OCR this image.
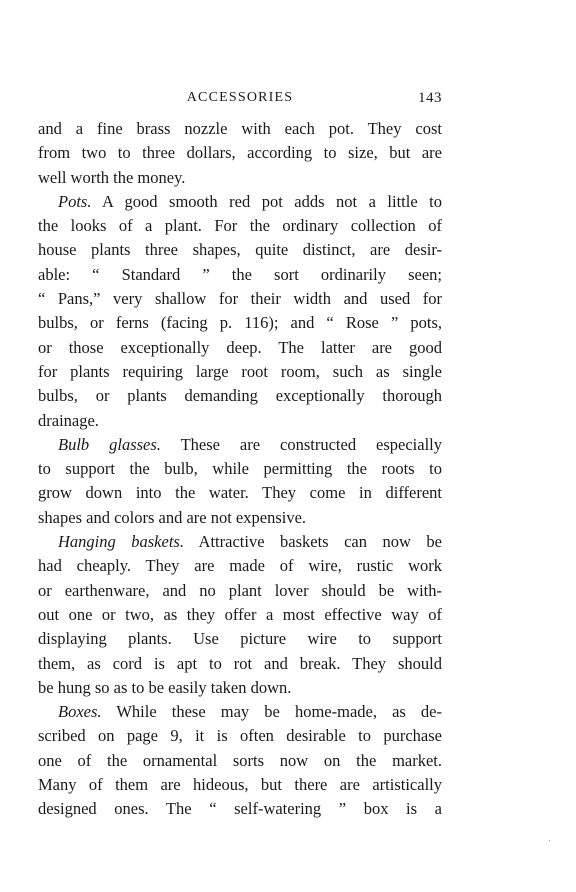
ACCESSORIES	143
and a fine brass nozzle with each pot. They cost
from two to three dollars, according to size, but are
well worth the money.
Pots. A good smooth red pot adds not a little to
the looks of a plant. For the ordinary collection of
house plants three shapes, quite distinct, are desir-
able: “ Standard ” the sort ordinarily seen;
“ Pans,” very shallow for their width and used for
bulbs, or ferns (facing p. 116); and “ Rose ” pots,
or those exceptionally deep. The latter are good
for plants requiring large root room, such as single
bulbs, or plants demanding exceptionally thorough
drainage.
Bulb glasses. These are constructed especially
to support the bulb, while permitting the roots to
grow down into the water. They come in different
shapes and colors and are not expensive.
Hanging baskets. Attractive baskets can now be
had cheaply. They are made of wire, rustic work
or earthenware, and no plant lover should be with-
out one or two, as they offer a most effective way of
displaying plants. Use picture wire to support
them, as cord is apt to rot and break. They should
be hung so as to be easily taken down.
Boxes. While these may be home-made, as de-
scribed on page 9, it is often desirable to purchase
one of the ornamental sorts now on the market.
Many of them are hideous, but there are artistically
designed ones. The “ self-watering ” box is a
